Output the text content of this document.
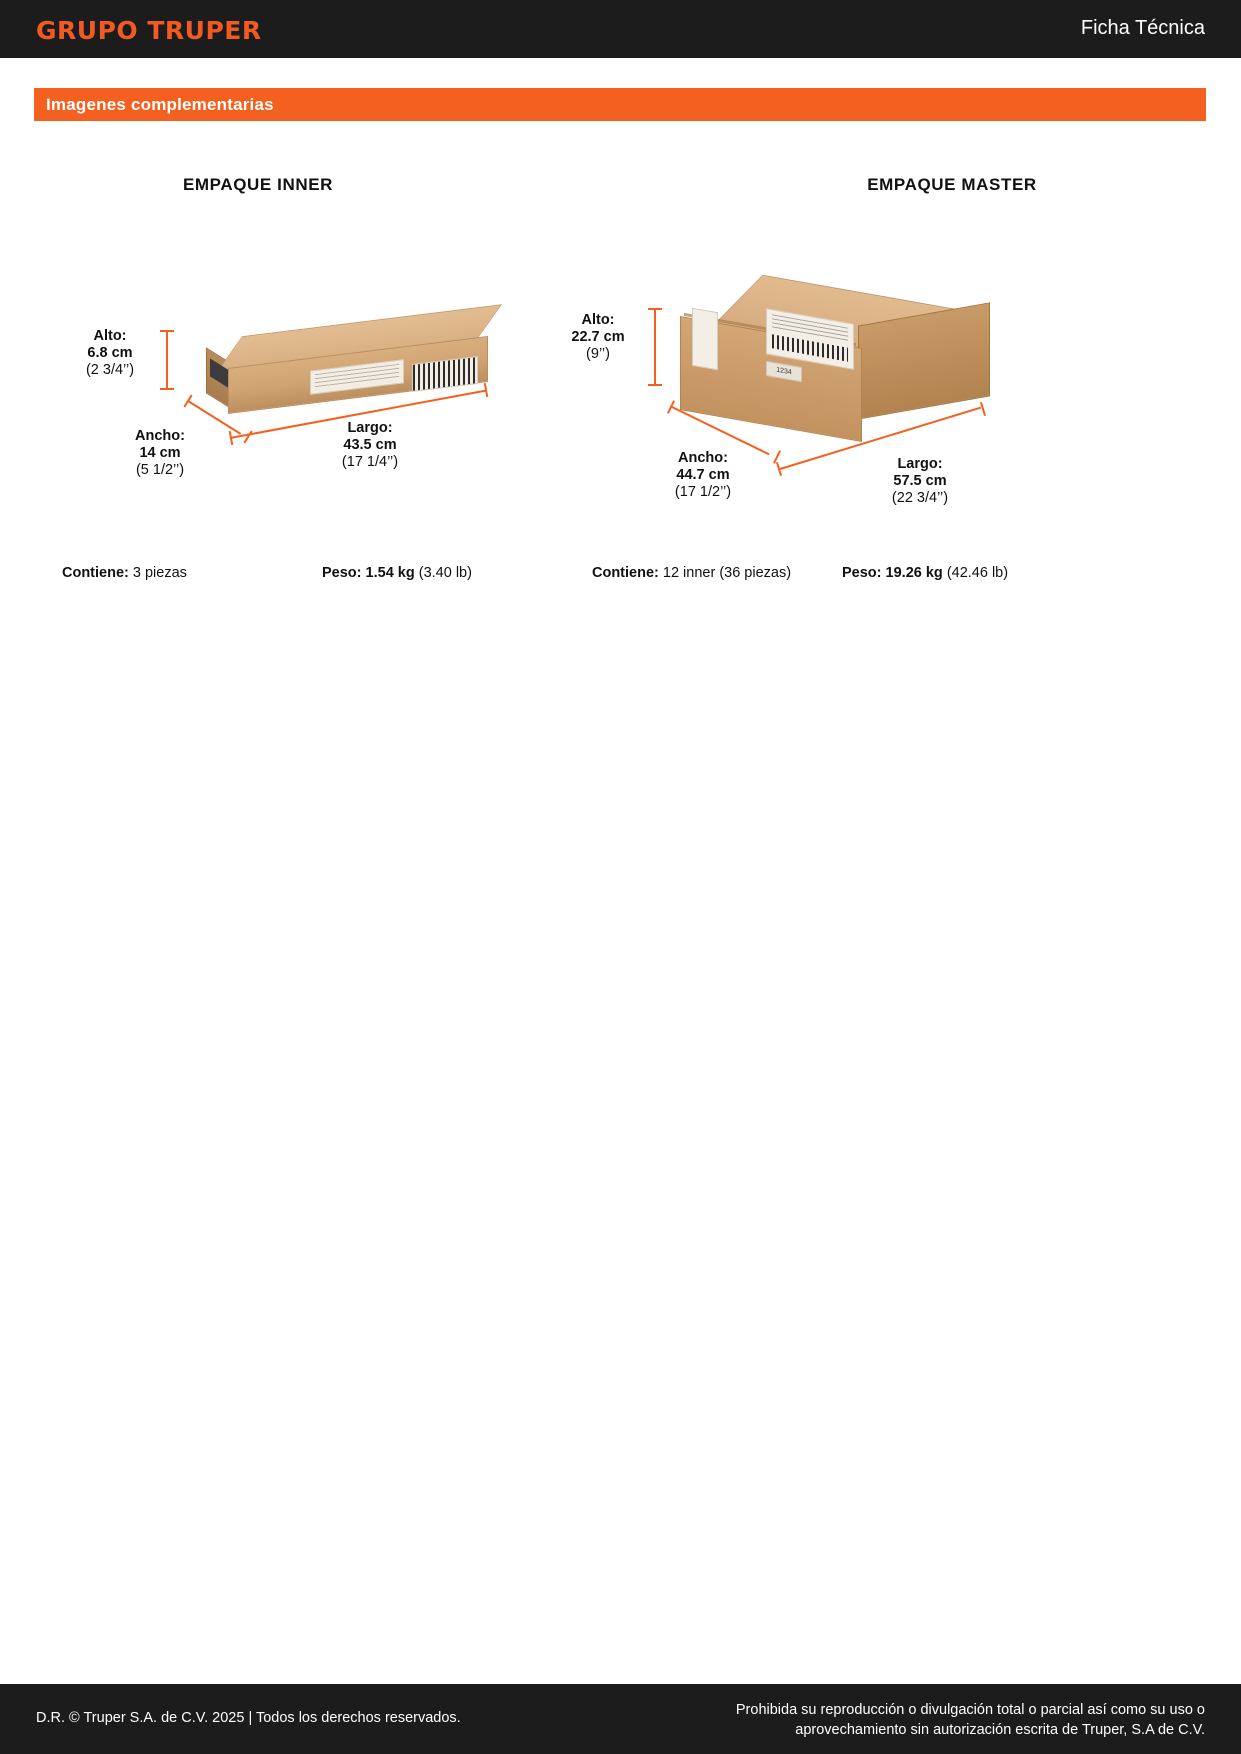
GRUPO TRUPER	Ficha Técnica
Imagenes complementarias
EMPAQUE INNER
Alto:
6.8 cm
(2 3/4’’)
Ancho:
14 cm
(5 1/2’’)
Largo:
43.5 cm
(17 1/4’’)
Contiene: 3 piezas	Peso: 1.54 kg (3.40 lb)
EMPAQUE MASTER
1234
Alto:
22.7 cm
(9’’)
Ancho:
44.7 cm
(17 1/2’’)
Largo:
57.5 cm
(22 3/4’’)
Contiene: 12 inner (36 piezas)	Peso: 19.26 kg (42.46 lb)
D.R. © Truper S.A. de C.V. 2025 | Todos los derechos reservados.	Prohibida su reproducción o divulgación total o parcial así como su uso o
aprovechamiento sin autorización escrita de Truper, S.A de C.V.
